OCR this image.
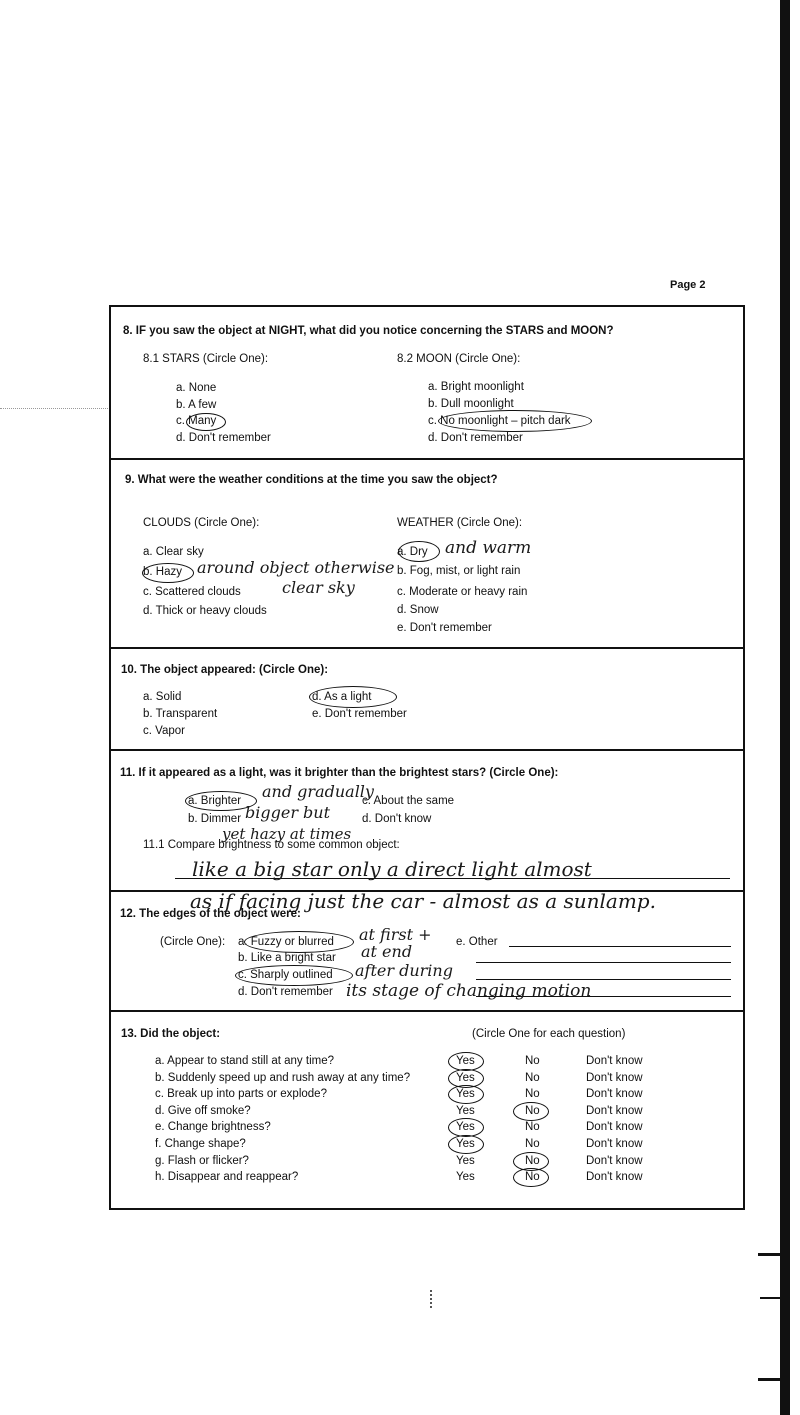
Page 2
8. IF you saw the object at NIGHT, what did you notice concerning the STARS and MOON?
8.1 STARS (Circle One):
a. None
b. A few
c. Many
d. Don't remember
8.2 MOON (Circle One):
a. Bright moonlight
b. Dull moonlight
c. No moonlight – pitch dark
d. Don't remember
9. What were the weather conditions at the time you saw the object?
CLOUDS (Circle One):
a. Clear sky
b. Hazy
c. Scattered clouds
d. Thick or heavy clouds
WEATHER (Circle One):
a. Dry
b. Fog, mist, or light rain
c. Moderate or heavy rain
d. Snow
e. Don't remember
and warm
around object otherwise
clear sky
10. The object appeared: (Circle One):
a. Solid
b. Transparent
c. Vapor
d. As a light
e. Don't remember
11. If it appeared as a light, was it brighter than the brightest stars? (Circle One):
a. Brighter
b. Dimmer
c. About the same
d. Don't know
11.1 Compare brightness to some common object:
and gradually
bigger but
yet hazy at times
like a big star only a direct light almost
as if facing just the car - almost as a sunlamp.
12. The edges of the object were:
(Circle One): a. Fuzzy or blurred
b. Like a bright star
c. Sharply outlined
d. Don't remember
e. Other
at first +
at end
after during
its stage of changing motion
13. Did the object:	(Circle One for each question)
a. Appear to stand still at any time?	Yes	No	Don't know
b. Suddenly speed up and rush away at any time?	Yes	No	Don't know
c. Break up into parts or explode?	Yes	No	Don't know
d. Give off smoke?	Yes	No	Don't know
e. Change brightness?	Yes	No	Don't know
f. Change shape?	Yes	No	Don't know
g. Flash or flicker?	Yes	No	Don't know
h. Disappear and reappear?	Yes	No	Don't know
